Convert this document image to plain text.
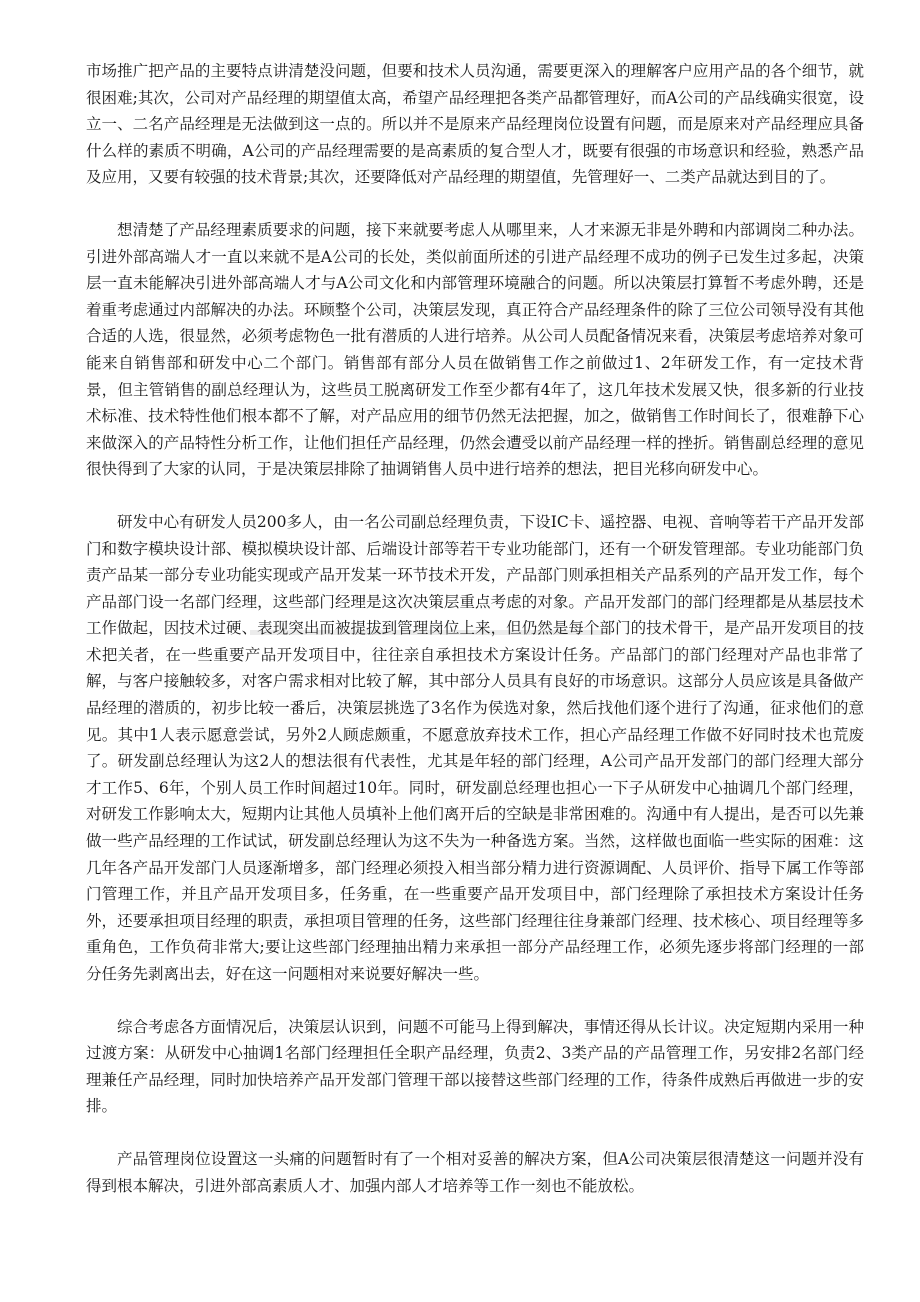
市场推广把产品的主要特点讲清楚没问题，但要和技术人员沟通，需要更深入的理解客户应用产品的各个细节，就很困难;其次，公司对产品经理的期望值太高，希望产品经理把各类产品都管理好，而A公司的产品线确实很宽，设立一、二名产品经理是无法做到这一点的。所以并不是原来产品经理岗位设置有问题，而是原来对产品经理应具备什么样的素质不明确，A公司的产品经理需要的是高素质的复合型人才，既要有很强的市场意识和经验，熟悉产品及应用，又要有较强的技术背景;其次，还要降低对产品经理的期望值，先管理好一、二类产品就达到目的了。

想清楚了产品经理素质要求的问题，接下来就要考虑人从哪里来，人才来源无非是外聘和内部调岗二种办法。引进外部高端人才一直以来就不是A公司的长处，类似前面所述的引进产品经理不成功的例子已发生过多起，决策层一直未能解决引进外部高端人才与A公司文化和内部管理环境融合的问题。所以决策层打算暂不考虑外聘，还是着重考虑通过内部解决的办法。环顾整个公司，决策层发现，真正符合产品经理条件的除了三位公司领导没有其他合适的人选，很显然，必须考虑物色一批有潜质的人进行培养。从公司人员配备情况来看，决策层考虑培养对象可能来自销售部和研发中心二个部门。销售部有部分人员在做销售工作之前做过1、2年研发工作，有一定技术背景，但主管销售的副总经理认为，这些员工脱离研发工作至少都有4年了，这几年技术发展又快，很多新的行业技术标准、技术特性他们根本都不了解，对产品应用的细节仍然无法把握，加之，做销售工作时间长了，很难静下心来做深入的产品特性分析工作，让他们担任产品经理，仍然会遭受以前产品经理一样的挫折。销售副总经理的意见很快得到了大家的认同，于是决策层排除了抽调销售人员中进行培养的想法，把目光移向研发中心。

研发中心有研发人员200多人，由一名公司副总经理负责，下设IC卡、遥控器、电视、音响等若干产品开发部门和数字模块设计部、模拟模块设计部、后端设计部等若干专业功能部门，还有一个研发管理部。专业功能部门负责产品某一部分专业功能实现或产品开发某一环节技术开发，产品部门则承担相关产品系列的产品开发工作，每个产品部门设一名部门经理，这些部门经理是这次决策层重点考虑的对象。产品开发部门的部门经理都是从基层技术工作做起，因技术过硬、表现突出而被提拔到管理岗位上来，但仍然是每个部门的技术骨干，是产品开发项目的技术把关者，在一些重要产品开发项目中，往往亲自承担技术方案设计任务。产品部门的部门经理对产品也非常了解，与客户接触较多，对客户需求相对比较了解，其中部分人员具有良好的市场意识。这部分人员应该是具备做产品经理的潜质的，初步比较一番后，决策层挑选了3名作为侯选对象，然后找他们逐个进行了沟通，征求他们的意见。其中1人表示愿意尝试，另外2人顾虑颇重，不愿意放弃技术工作，担心产品经理工作做不好同时技术也荒废了。研发副总经理认为这2人的想法很有代表性，尤其是年轻的部门经理，A公司产品开发部门的部门经理大部分才工作5、6年，个别人员工作时间超过10年。同时，研发副总经理也担心一下子从研发中心抽调几个部门经理，对研发工作影响太大，短期内让其他人员填补上他们离开后的空缺是非常困难的。沟通中有人提出，是否可以先兼做一些产品经理的工作试试，研发副总经理认为这不失为一种备选方案。当然，这样做也面临一些实际的困难：这几年各产品开发部门人员逐渐增多，部门经理必须投入相当部分精力进行资源调配、人员评价、指导下属工作等部门管理工作，并且产品开发项目多，任务重，在一些重要产品开发项目中，部门经理除了承担技术方案设计任务外，还要承担项目经理的职责，承担项目管理的任务，这些部门经理往往身兼部门经理、技术核心、项目经理等多重角色，工作负荷非常大;要让这些部门经理抽出精力来承担一部分产品经理工作，必须先逐步将部门经理的一部分任务先剥离出去，好在这一问题相对来说要好解决一些。

综合考虑各方面情况后，决策层认识到，问题不可能马上得到解决，事情还得从长计议。决定短期内采用一种过渡方案：从研发中心抽调1名部门经理担任全职产品经理，负责2、3类产品的产品管理工作，另安排2名部门经理兼任产品经理，同时加快培养产品开发部门管理干部以接替这些部门经理的工作，待条件成熟后再做进一步的安排。

产品管理岗位设置这一头痛的问题暂时有了一个相对妥善的解决方案，但A公司决策层很清楚这一问题并没有得到根本解决，引进外部高素质人才、加强内部人才培养等工作一刻也不能放松。
